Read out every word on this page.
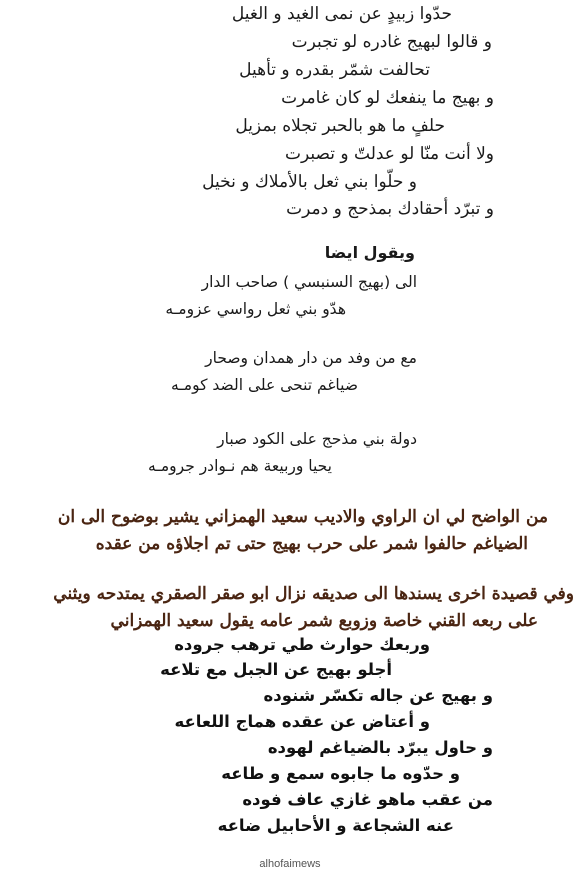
حدّوا زبيدٍ عن نمى الغيد و الغيل

و قالوا لبهيج غادره لو تجبرت

تحالفت شمّر بقدره و تأهيل

و بهيج ما ينفعك لو كان غامرت

حلفٍ ما هو بالحبر تجلاه بمزيل

ولا أنت منّا لو عدلتّ و تصبرت

و حلّوا بني ثعل بالأملاك و نخيل

و تبرّد أحقادك بمذحج و دمرت

ويقول ايضا

الى (بهيج السنبسي ) صاحب الدار

هدّو بني ثعل رواسي عزومـه

مع من وفد من دار همدان وصحار

ضياغم تنحى على الضد كومـه

دولة بني مذحج على الكود صبار

يحيا وربيعة هم نـوادر جرومـه

من الواضح لي ان الراوي والاديب سعيد الهمزاني يشير بوضوح الى ان

الضياغم حالفوا شمر على حرب بهيج حتى تم اجلاؤه من عقده

وفي قصيدة اخرى يسندها الى صديقه نزال ابو صقر الصقري يمتدحه ويثني

على ربعه القني خاصة وزوبع شمر عامه يقول سعيد الهمزاني

وربعك حوارث طي ترهب جروده

أجلو بهيج عن الجبل مع تلاعه

و بهيج عن جاله تكسّر شنوده

و أعتاض عن عقده هماج اللعاعه

و حاول يبرّد بالضياغم لهوده

و حدّوه ما جابوه سمع و طاعه

من عقب ماهو غازي عاف فوده

عنه الشجاعة و الأحابيل ضاعه

alhofaimews
